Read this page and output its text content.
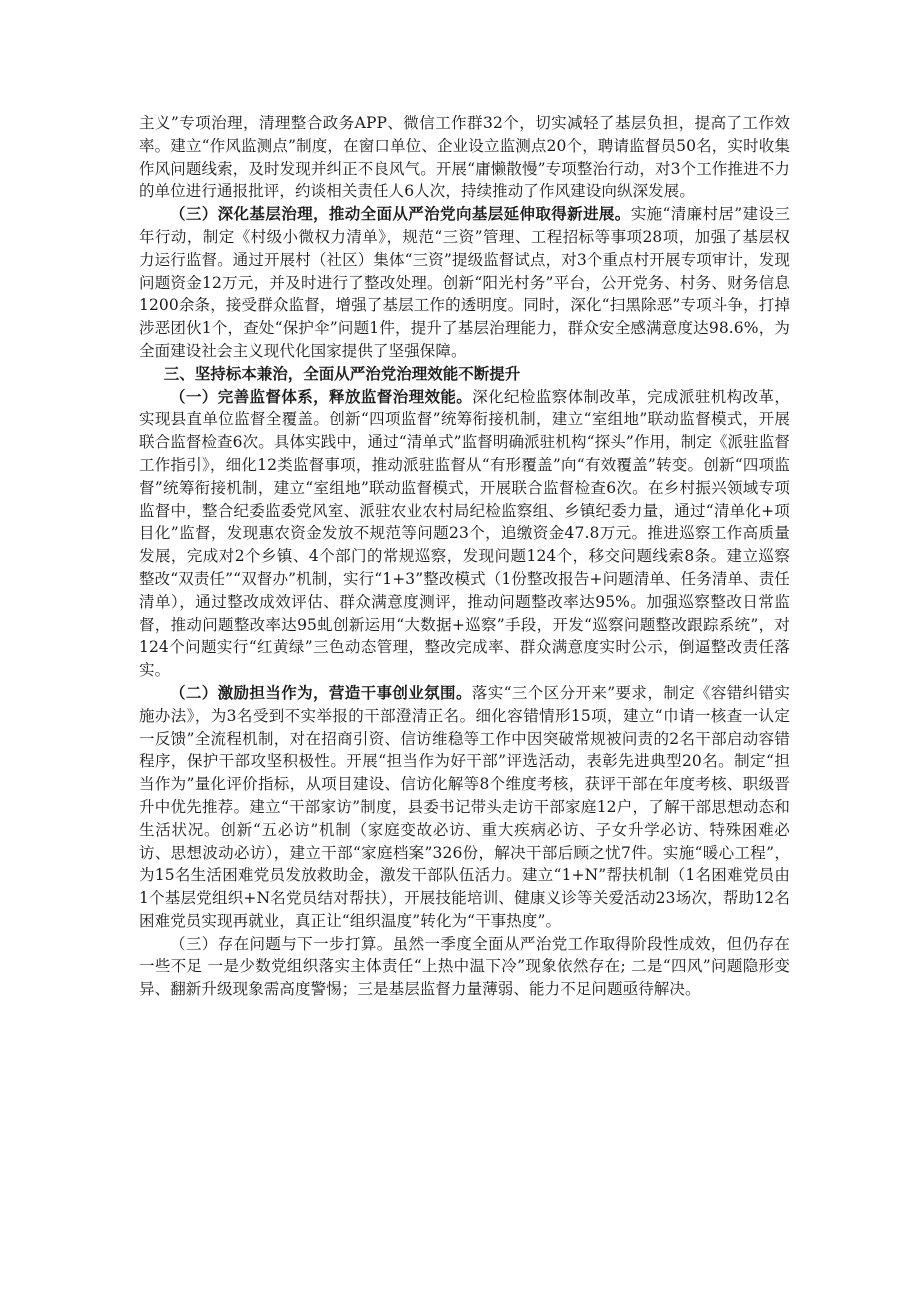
主义”专项治理，清理整合政务APP、微信工作群32个，切实减轻了基层负担，提高了工作效率。建立“作风监测点”制度，在窗口单位、企业设立监测点20个，聘请监督员50名，实时收集作风问题线索，及时发现并纠正不良风气。开展“庸懒散慢”专项整治行动，对3个工作推进不力的单位进行通报批评，约谈相关责任人6人次，持续推动了作风建设向纵深发展。

（三）深化基层治理，推动全面从严治党向基层延伸取得新进展。实施“清廉村居”建设三年行动，制定《村级小微权力清单》，规范“三资”管理、工程招标等事项28项，加强了基层权力运行监督。通过开展村（社区）集体“三资”提级监督试点，对3个重点村开展专项审计，发现问题资金12万元，并及时进行了整改处理。创新“阳光村务”平台，公开党务、村务、财务信息1200余条，接受群众监督，增强了基层工作的透明度。同时，深化“扫黑除恶”专项斗争，打掉涉恶团伙1个，查处“保护伞”问题1件，提升了基层治理能力，群众安全感满意度达98.6%，为全面建设社会主义现代化国家提供了坚强保障。

三、坚持标本兼治，全面从严治党治理效能不断提升

（一）完善监督体系，释放监督治理效能。深化纪检监察体制改革，完成派驻机构改革，实现县直单位监督全覆盖。创新“四项监督”统筹衔接机制，建立“室组地”联动监督模式，开展联合监督检查6次。具体实践中，通过“清单式”监督明确派驻机构“探头”作用，制定《派驻监督工作指引》，细化12类监督事项，推动派驻监督从“有形覆盖”向“有效覆盖”转变。创新“四项监督”统筹衔接机制，建立“室组地”联动监督模式，开展联合监督检查6次。在乡村振兴领域专项监督中，整合纪委监委党风室、派驻农业农村局纪检监察组、乡镇纪委力量，通过“清单化+项目化”监督，发现惠农资金发放不规范等问题23个，追缴资金47.8万元。推进巡察工作高质量发展，完成对2个乡镇、4个部门的常规巡察，发现问题124个，移交问题线索8条。建立巡察整改“双责任”“双督办”机制，实行“1+3”整改模式（1份整改报告+问题清单、任务清单、责任清单），通过整改成效评估、群众满意度测评，推动问题整改率达95%。加强巡察整改日常监督，推动问题整改率达95虬创新运用“大数据+巡察”手段，开发“巡察问题整改跟踪系统”，对124个问题实行“红黄绿”三色动态管理，整改完成率、群众满意度实时公示，倒逼整改责任落实。

（二）激励担当作为，营造干事创业氛围。落实“三个区分开来”要求，制定《容错纠错实施办法》，为3名受到不实举报的干部澄清正名。细化容错情形15项，建立“巾请一核查一认定一反馈”全流程机制，对在招商引资、信访维稳等工作中因突破常规被问责的2名干部启动容错程序，保护干部攻坚积极性。开展“担当作为好干部”评选活动，表彰先进典型20名。制定“担当作为”量化评价指标，从项目建设、信访化解等8个维度考核，获评干部在年度考核、职级晋升中优先推荐。建立“干部家访”制度，县委书记带头走访干部家庭12户，了解干部思想动态和生活状况。创新“五必访”机制（家庭变故必访、重大疾病必访、子女升学必访、特殊困难必访、思想波动必访），建立干部“家庭档案”326份，解决干部后顾之忧7件。实施“暖心工程”，为15名生活困难党员发放救助金，激发干部队伍活力。建立“1+N”帮扶机制（1名困难党员由1个基层党组织+N名党员结对帮扶），开展技能培训、健康义诊等关爱活动23场次，帮助12名困难党员实现再就业，真正让“组织温度”转化为“干事热度”。

（三）存在问题与下一步打算。虽然一季度全面从严治党工作取得阶段性成效，但仍存在一些不足 一是少数党组织落实主体责任“上热中温下冷”现象依然存在; 二是“四风”问题隐形变异、翻新升级现象需高度警惕；三是基层监督力量薄弱、能力不足问题亟待解决。
